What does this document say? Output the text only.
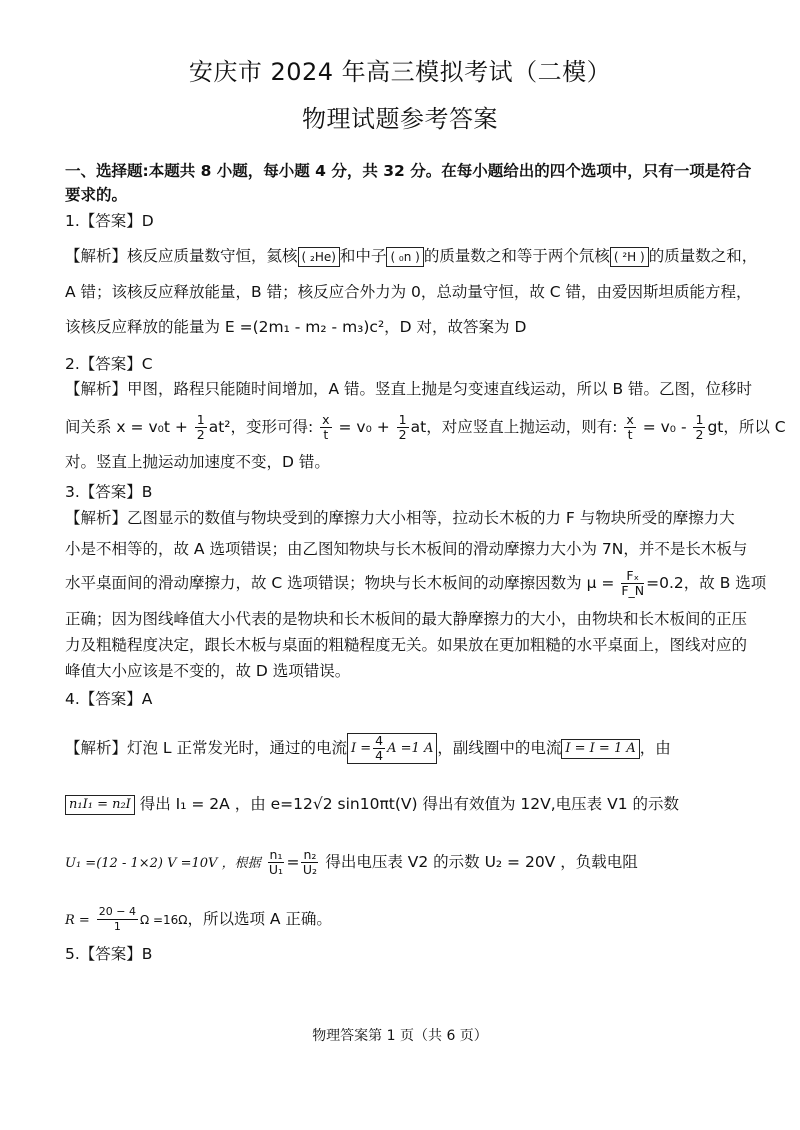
安庆市 2024 年高三模拟考试（二模）
物理试题参考答案
一、选择题:本题共 8 小题，每小题 4 分，共 32 分。在每小题给出的四个选项中，只有一项是符合
要求的。
1.【答案】D
【解析】核反应质量数守恒，氦核 ( ₂He) 和中子 ( ₀n ) 的质量数之和等于两个氘核 ( ²H ) 的质量数之和，
A 错；该核反应释放能量，B 错；核反应合外力为 0，总动量守恒，故 C 错，由爱因斯坦质能方程，
该核反应释放的能量为 E =(2m₁ - m₂ - m₃)c²，D 对，故答案为 D
2.【答案】C
【解析】甲图，路程只能随时间增加，A 错。竖直上抛是匀变速直线运动，所以 B 错。乙图，位移时
间关系 $x = v_0t + \frac{1}{2} at^2$，变形可得: $\frac{x}{t} = v_0 + \frac{1}{2}$ at，对应竖直上抛运动，则有: $\frac{x}{t} = v_0 - \frac{1}{2}$ gt，所以 C
对。竖直上抛运动加速度不变，D 错。
3.【答案】B
【解析】乙图显示的数值与物块受到的摩擦力大小相等，拉动长木板的力 F 与物块所受的摩擦力大
小是不相等的，故 A 选项错误；由乙图知物块与长木板间的滑动摩擦力大小为 7N，并不是长木板与
水平桌面间的滑动摩擦力，故 C 选项错误；物块与长木板间的动摩擦因数为 $\mu = \frac{\text{Fₓ}}{F\_N} =0.2$，故 B 选项
正确；因为图线峰值大小代表的是物块和长木板间的最大静摩擦力的大小，由物块和长木板间的正压
力及粗糙程度决定，跟长木板与桌面的粗糙程度无关。如果放在更加粗糙的水平桌面上，图线对应的
峰值大小应该是不变的，故 D 选项错误。
4.【答案】A
【解析】灯泡 L 正常发光时，通过的电流 $I = \frac{4}{4}$ A =1 A ，副线圈中的电流 I = I = 1 A ，由
n₁I₁ = n₂I 得出 I₁ = 2A ，由 e=12√2 sin10πt(V) 得出有效值为 12V,电压表 V1 的示数
U₁ =(12 - 1×2) V =10V ，根据 $\frac{\text{n₁}}{\text{U₁}} = \frac{\text{n₂}}{\text{U₂}}$ 得出电压表 V2 的示数 U₂ = 20V ，负载电阻
$R = \frac{20 - 4}{1}$ Ω =16Ω，所以选项 A 正确。
5.【答案】B
物理答案第 1 页（共 6 页）
